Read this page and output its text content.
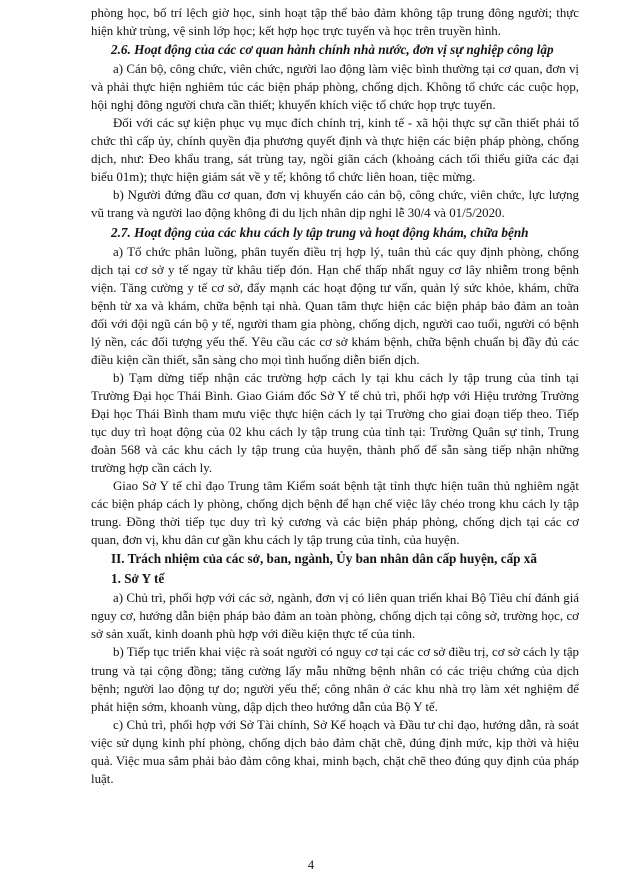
phòng học, bố trí lệch giờ học, sinh hoạt tập thể bảo đảm không tập trung đông người; thực hiện khử trùng, vệ sinh lớp học; kết hợp học trực tuyến và học trên truyền hình.

2.6. Hoạt động của các cơ quan hành chính nhà nước, đơn vị sự nghiệp công lập

a) Cán bộ, công chức, viên chức, người lao động làm việc bình thường tại cơ quan, đơn vị và phải thực hiện nghiêm túc các biện pháp phòng, chống dịch. Không tổ chức các cuộc họp, hội nghị đông người chưa cần thiết; khuyến khích việc tổ chức họp trực tuyến.

Đối với các sự kiện phục vụ mục đích chính trị, kinh tế - xã hội thực sự cần thiết phải tổ chức thì cấp ủy, chính quyền địa phương quyết định và thực hiện các biện pháp phòng, chống dịch, như: Đeo khẩu trang, sát trùng tay, ngồi giãn cách (khoảng cách tối thiểu giữa các đại biểu 01m); thực hiện giám sát về y tế; không tổ chức liên hoan, tiệc mừng.

b) Người đứng đầu cơ quan, đơn vị khuyến cáo cán bộ, công chức, viên chức, lực lượng vũ trang và người lao động không đi du lịch nhân dịp nghỉ lễ 30/4 và 01/5/2020.

2.7. Hoạt động của các khu cách ly tập trung và hoạt động khám, chữa bệnh

a) Tổ chức phân luồng, phân tuyến điều trị hợp lý, tuân thủ các quy định phòng, chống dịch tại cơ sở y tế ngay từ khâu tiếp đón. Hạn chế thấp nhất nguy cơ lây nhiễm trong bệnh viện. Tăng cường y tế cơ sở, đẩy mạnh các hoạt động tư vấn, quản lý sức khỏe, khám, chữa bệnh từ xa và khám, chữa bệnh tại nhà. Quan tâm thực hiện các biện pháp bảo đảm an toàn đối với đội ngũ cán bộ y tế, người tham gia phòng, chống dịch, người cao tuổi, người có bệnh lý nền, các đối tượng yếu thế. Yêu cầu các cơ sở khám bệnh, chữa bệnh chuẩn bị đầy đủ các điều kiện cần thiết, sẵn sàng cho mọi tình huống diễn biến dịch.

b) Tạm dừng tiếp nhận các trường hợp cách ly tại khu cách ly tập trung của tỉnh tại Trường Đại học Thái Bình. Giao Giám đốc Sở Y tế chủ trì, phối hợp với Hiệu trưởng Trường Đại học Thái Bình tham mưu việc thực hiện cách ly tại Trường cho giai đoạn tiếp theo. Tiếp tục duy trì hoạt động của 02 khu cách ly tập trung của tỉnh tại: Trường Quân sự tỉnh, Trung đoàn 568 và các khu cách ly tập trung của huyện, thành phố để sẵn sàng tiếp nhận những trường hợp cần cách ly.

Giao Sở Y tế chỉ đạo Trung tâm Kiểm soát bệnh tật tỉnh thực hiện tuân thủ nghiêm ngặt các biện pháp cách ly phòng, chống dịch bệnh để hạn chế việc lây chéo trong khu cách ly tập trung. Đồng thời tiếp tục duy trì kỷ cương và các biện pháp phòng, chống dịch tại các cơ quan, đơn vị, khu dân cư gần khu cách ly tập trung của tỉnh, của huyện.

II. Trách nhiệm của các sở, ban, ngành, Ủy ban nhân dân cấp huyện, cấp xã

1. Sở Y tế

a) Chủ trì, phối hợp với các sở, ngành, đơn vị có liên quan triển khai Bộ Tiêu chí đánh giá nguy cơ, hướng dẫn biện pháp bảo đảm an toàn phòng, chống dịch tại công sở, trường học, cơ sở sản xuất, kinh doanh phù hợp với điều kiện thực tế của tỉnh.

b) Tiếp tục triển khai việc rà soát người có nguy cơ tại các cơ sở điều trị, cơ sở cách ly tập trung và tại cộng đồng; tăng cường lấy mẫu những bệnh nhân có các triệu chứng của dịch bệnh; người lao động tự do; người yếu thế; công nhân ở các khu nhà trọ làm xét nghiệm để phát hiện sớm, khoanh vùng, dập dịch theo hướng dẫn của Bộ Y tế.

c) Chủ trì, phối hợp với Sở Tài chính, Sở Kế hoạch và Đầu tư chỉ đạo, hướng dẫn, rà soát việc sử dụng kinh phí phòng, chống dịch bảo đảm chặt chẽ, đúng định mức, kịp thời và hiệu quả. Việc mua sắm phải bảo đảm công khai, minh bạch, chặt chẽ theo đúng quy định của pháp luật.

4
